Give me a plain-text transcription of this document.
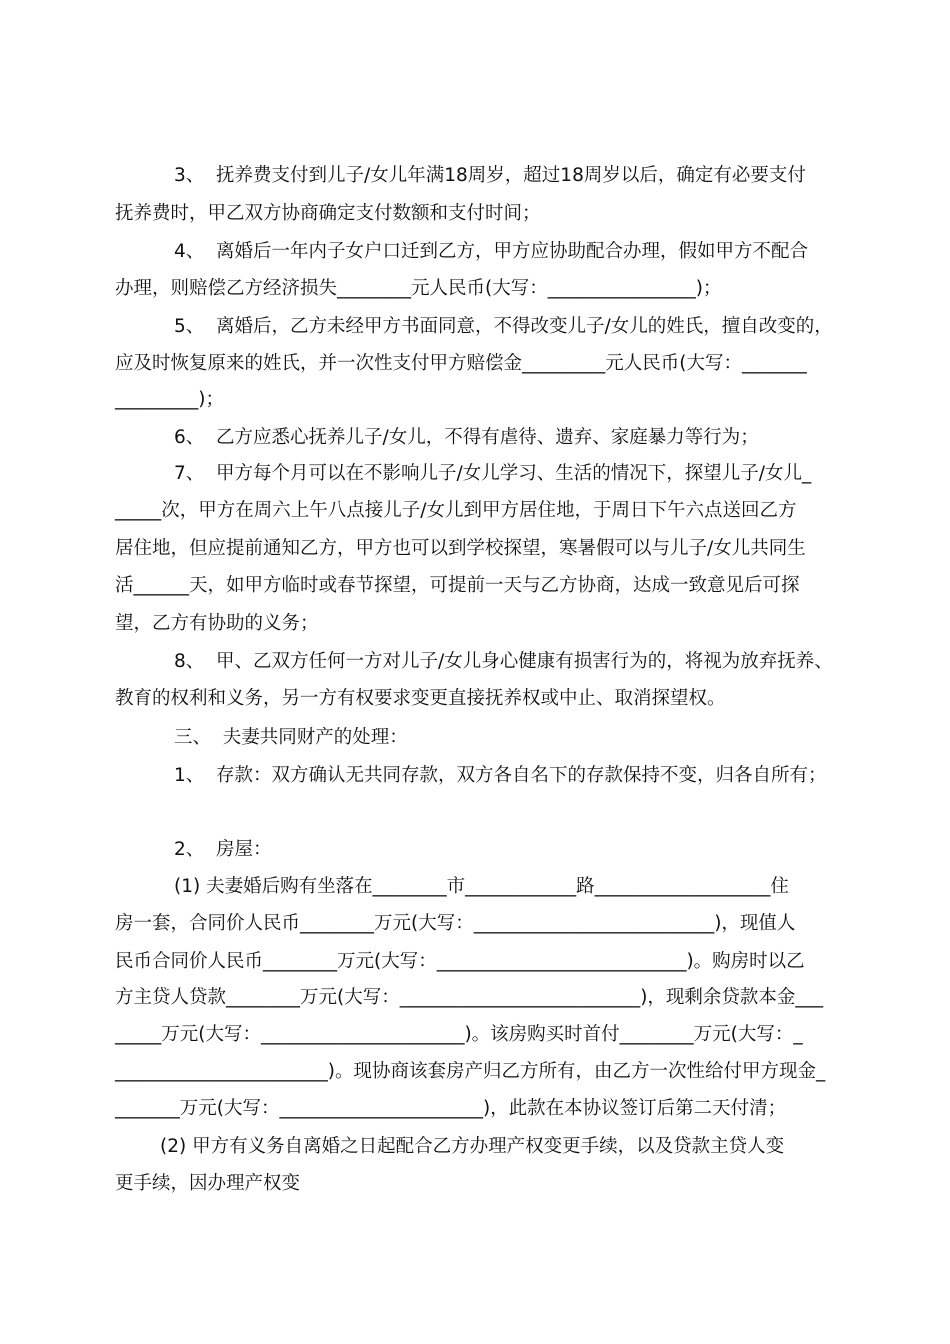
3、  抚养费支付到儿子/女儿年满18周岁，超过18周岁以后，确定有必要支付
抚养费时，甲乙双方协商确定支付数额和支付时间；
4、  离婚后一年内子女户口迁到乙方，甲方应协助配合办理，假如甲方不配合
办理，则赔偿乙方经济损失________元人民币(大写：________________)；
5、  离婚后，乙方未经甲方书面同意，不得改变儿子/女儿的姓氏，擅自改变的，
应及时恢复原来的姓氏，并一次性支付甲方赔偿金_________元人民币(大写：_______
_________)；
6、  乙方应悉心抚养儿子/女儿，不得有虐待、遗弃、家庭暴力等行为；
7、  甲方每个月可以在不影响儿子/女儿学习、生活的情况下，探望儿子/女儿_
_____次，甲方在周六上午八点接儿子/女儿到甲方居住地，于周日下午六点送回乙方
居住地，但应提前通知乙方，甲方也可以到学校探望，寒暑假可以与儿子/女儿共同生
活______天，如甲方临时或春节探望，可提前一天与乙方协商，达成一致意见后可探
望，乙方有协助的义务；
8、  甲、乙双方任何一方对儿子/女儿身心健康有损害行为的，将视为放弃抚养、
教育的权利和义务，另一方有权要求变更直接抚养权或中止、取消探望权。
三、  夫妻共同财产的处理：
1、  存款：双方确认无共同存款，双方各自名下的存款保持不变，归各自所有；
2、  房屋：
(1) 夫妻婚后购有坐落在________市____________路___________________住
房一套，合同价人民币________万元(大写：__________________________)，现值人
民币合同价人民币________万元(大写：___________________________)。购房时以乙
方主贷人贷款________万元(大写：__________________________)，现剩余贷款本金___
_____万元(大写：______________________)。该房购买时首付________万元(大写：_
_______________________)。现协商该套房产归乙方所有，由乙方一次性给付甲方现金_
_______万元(大写：______________________)，此款在本协议签订后第二天付清；
(2) 甲方有义务自离婚之日起配合乙方办理产权变更手续，以及贷款主贷人变
更手续，因办理产权变
